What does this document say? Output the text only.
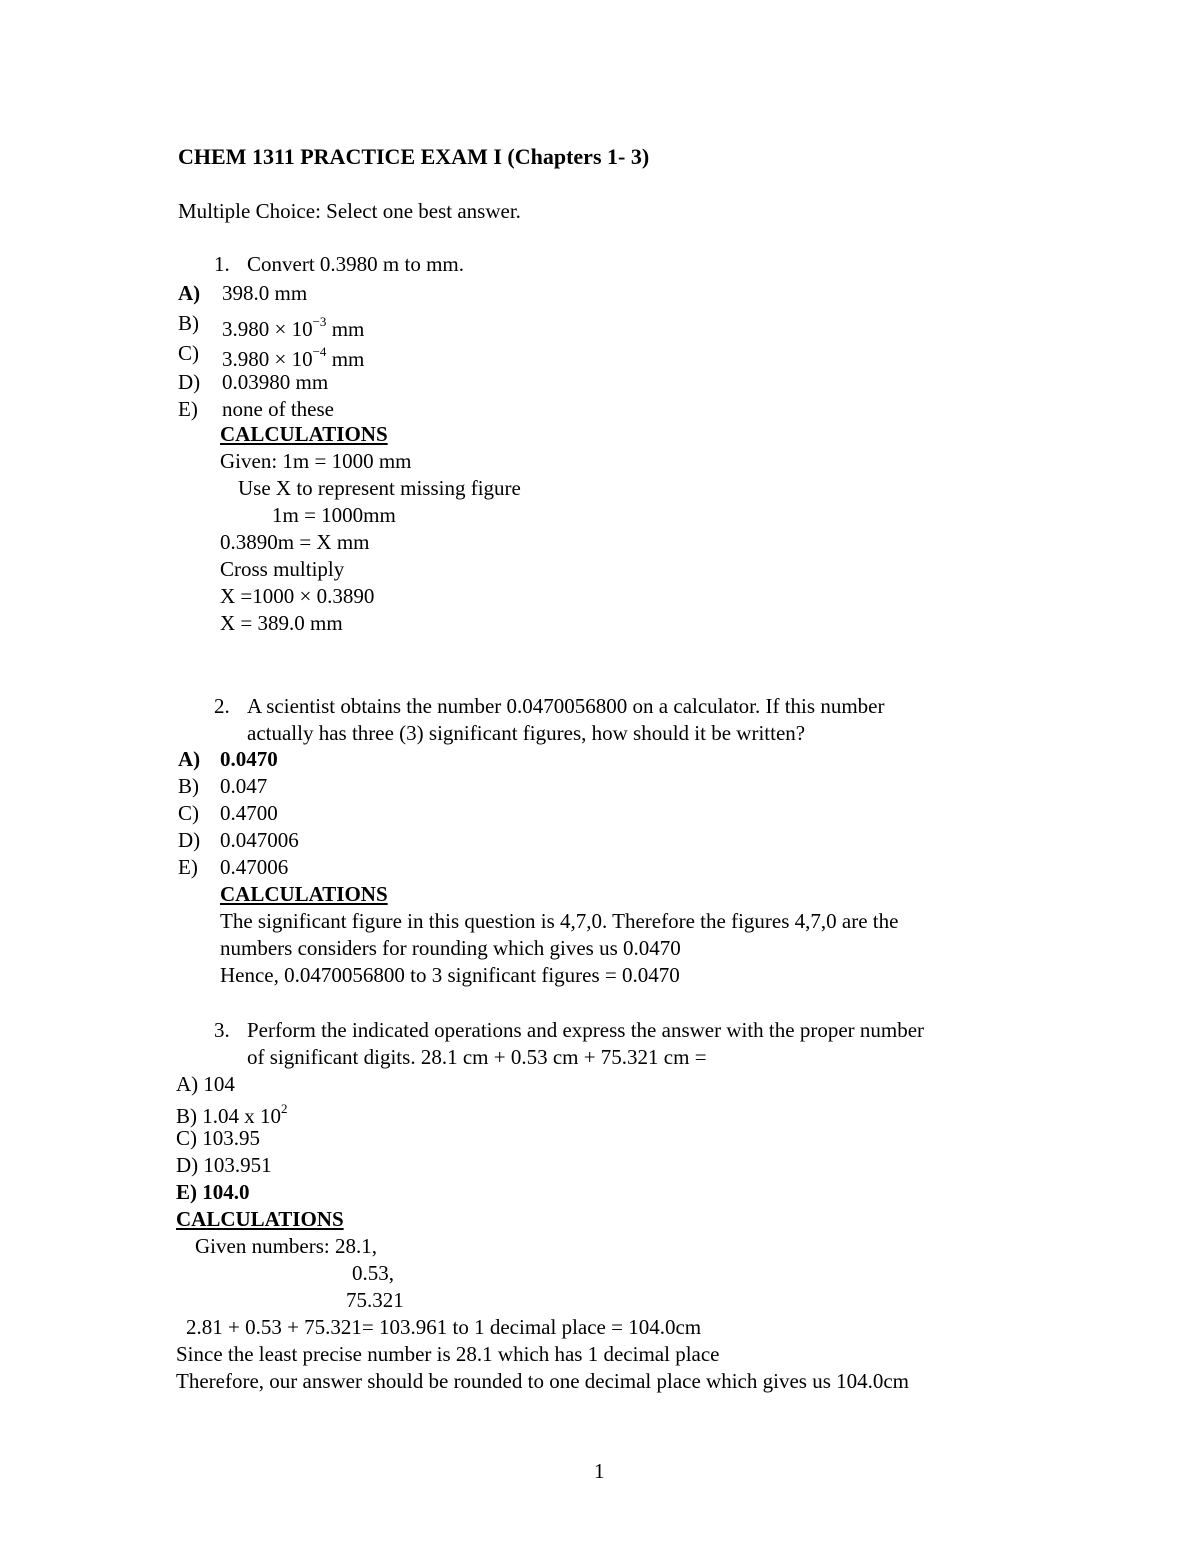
CHEM 1311 PRACTICE EXAM I (Chapters 1- 3)
Multiple Choice: Select one best answer.
1. Convert 0.3980 m to mm.
A) 398.0 mm
B) $3.980 \times 10^{-3}$ mm
C) $3.980 \times 10^{-4}$ mm
D) 0.03980 mm
E) none of these
CALCULATIONS
Given: 1m = 1000 mm
Use X to represent missing figure
1m = 1000mm
0.3890m = X mm
Cross multiply
X =1000 × 0.3890
X = 389.0 mm
2. A scientist obtains the number 0.0470056800 on a calculator. If this number
actually has three (3) significant figures, how should it be written?
A) 0.0470
B) 0.047
C) 0.4700
D) 0.047006
E) 0.47006
CALCULATIONS
The significant figure in this question is 4,7,0. Therefore the figures 4,7,0 are the
numbers considers for rounding which gives us 0.0470
Hence, 0.0470056800 to 3 significant figures = 0.0470
3. Perform the indicated operations and express the answer with the proper number
of significant digits. 28.1 cm + 0.53 cm + 75.321 cm =
A) 104
B) 1.04 x $10^2$
C) 103.95
D) 103.951
E) 104.0
CALCULATIONS
Given numbers: 28.1,
0.53,
75.321
2.81 + 0.53 + 75.321= 103.961 to 1 decimal place = 104.0cm
Since the least precise number is 28.1 which has 1 decimal place
Therefore, our answer should be rounded to one decimal place which gives us 104.0cm
1
